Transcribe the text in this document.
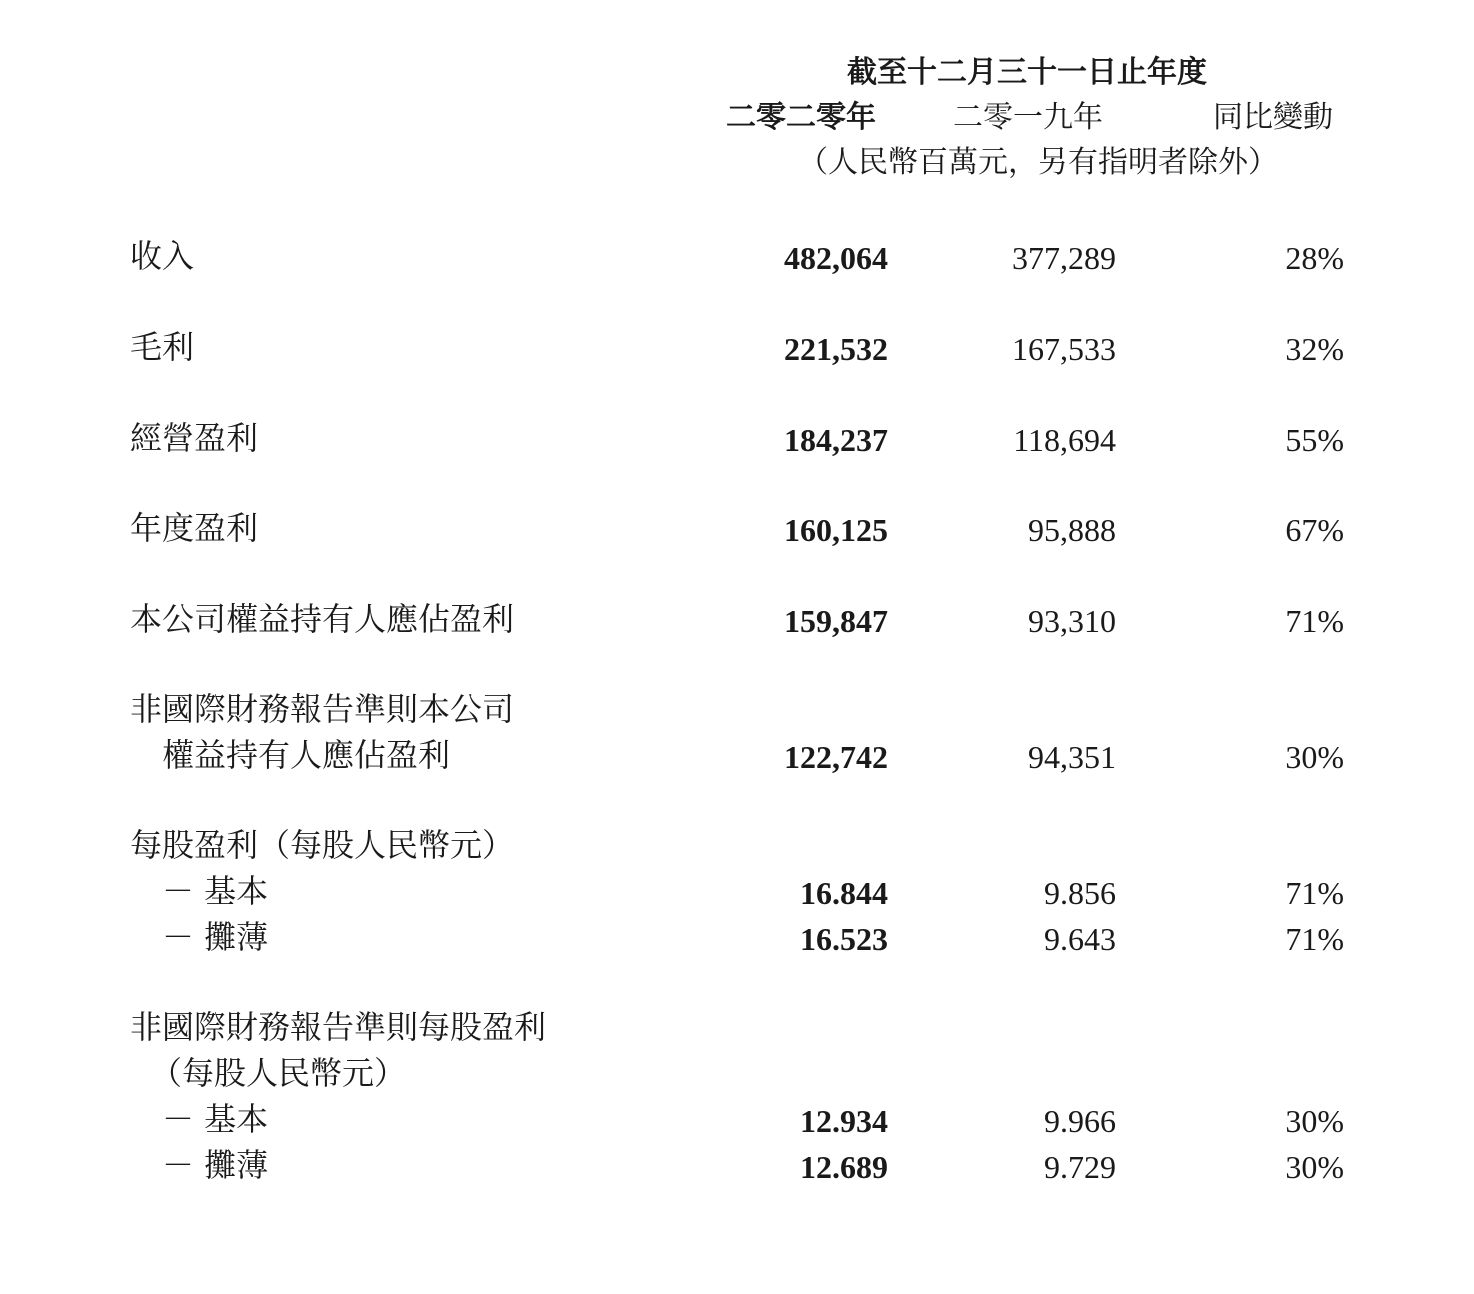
截至十二月三十一日止年度
二零二零年	二零一九年	同比變動
（人民幣百萬元，另有指明者除外）
收入	482,064	377,289	28%
毛利	221,532	167,533	32%
經營盈利	184,237	118,694	55%
年度盈利	160,125	95,888	67%
本公司權益持有人應佔盈利	159,847	93,310	71%
非國際財務報告準則本公司
權益持有人應佔盈利	122,742	94,351	30%
每股盈利（每股人民幣元）
－ 基本	16.844	9.856	71%
－ 攤薄	16.523	9.643	71%
非國際財務報告準則每股盈利
（每股人民幣元）
－ 基本	12.934	9.966	30%
－ 攤薄	12.689	9.729	30%
